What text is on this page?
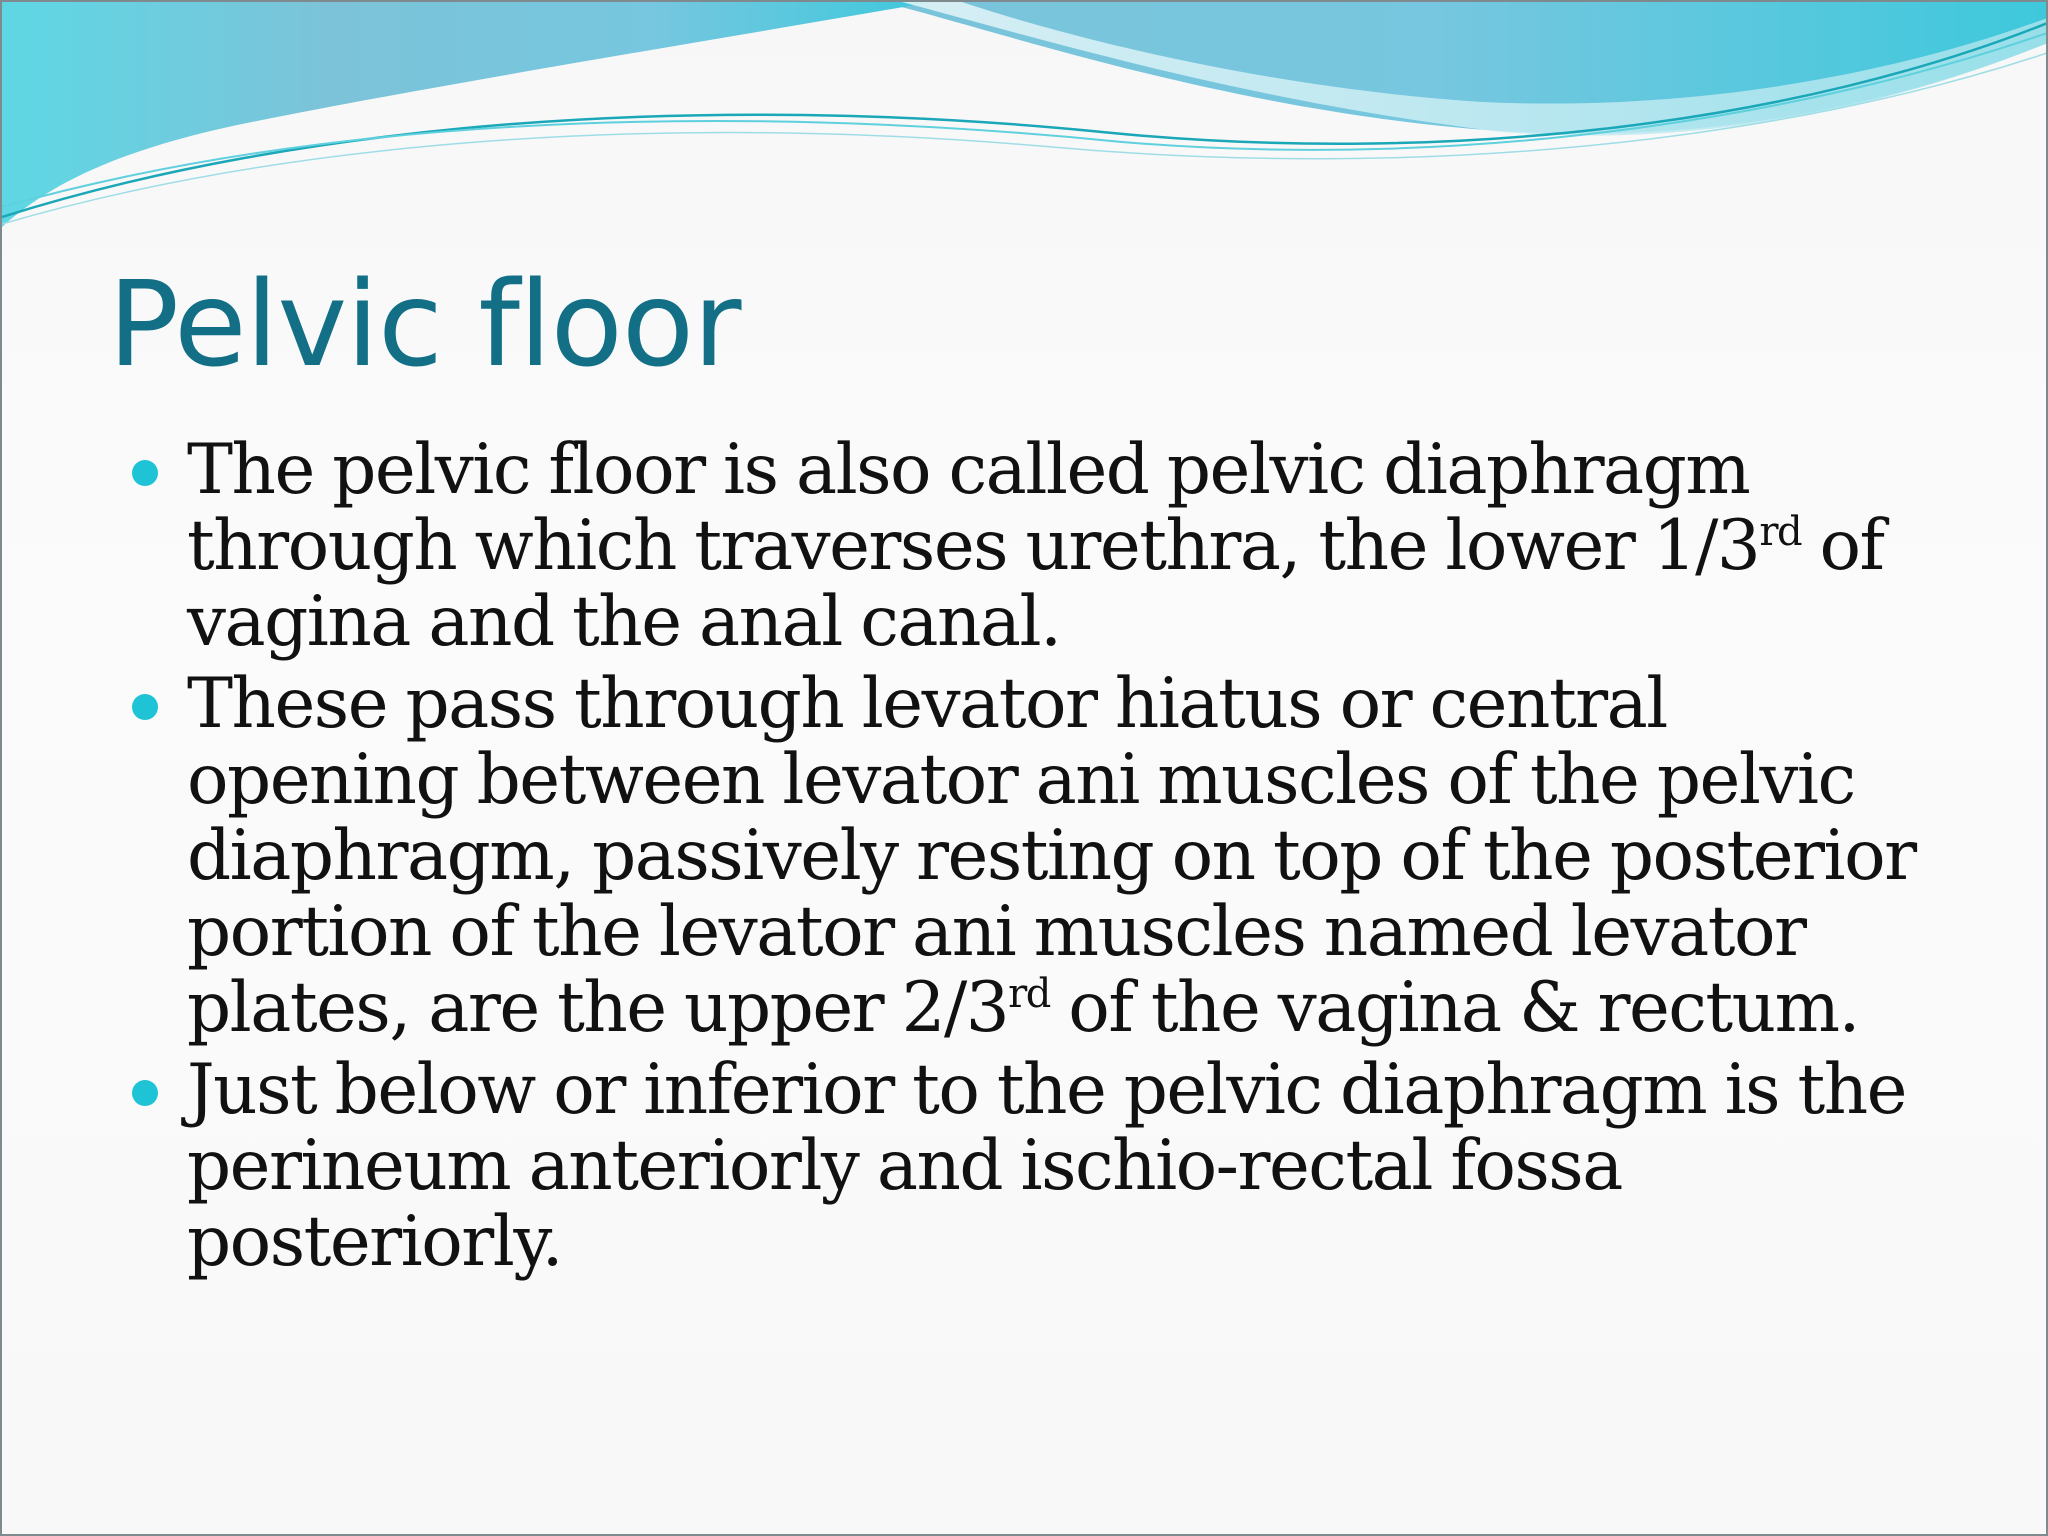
Pelvic floor
The pelvic floor is also called pelvic diaphragm through which traverses urethra, the lower 1/3rd of vagina and the anal canal.
These pass through levator hiatus or central opening between levator ani muscles of the pelvic diaphragm, passively resting on top of the posterior portion of the levator ani muscles named levator plates, are the upper 2/3rd of the vagina & rectum.
Just below or inferior to the pelvic diaphragm is the perineum anteriorly and ischio-rectal fossa posteriorly.
